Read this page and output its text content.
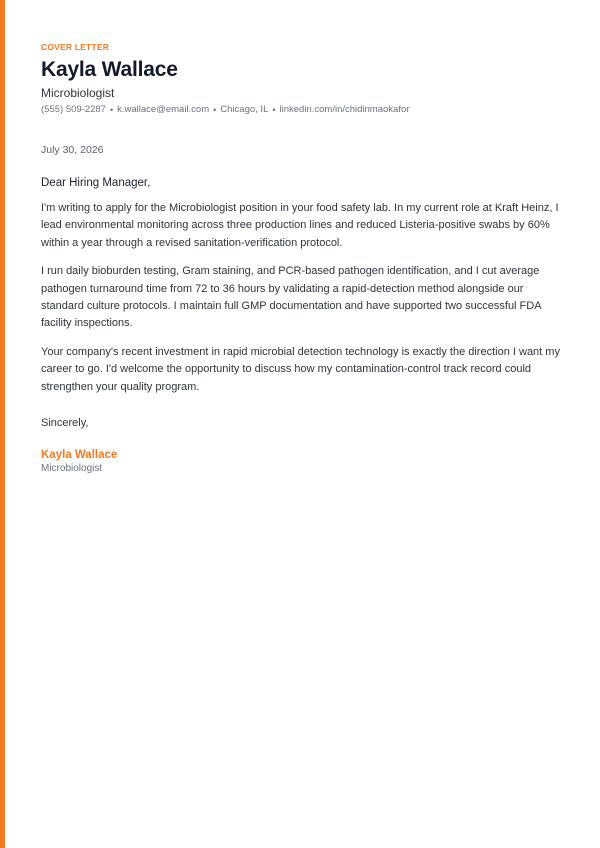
COVER LETTER
Kayla Wallace
Microbiologist
(555) 509-2287 • k.wallace@email.com • Chicago, IL • linkedin.com/in/chidinmaokafor
July 30, 2026
Dear Hiring Manager,

I'm writing to apply for the Microbiologist position in your food safety lab. In my current role at Kraft Heinz, I lead environmental monitoring across three production lines and reduced Listeria-positive swabs by 60% within a year through a revised sanitation-verification protocol.

I run daily bioburden testing, Gram staining, and PCR-based pathogen identification, and I cut average pathogen turnaround time from 72 to 36 hours by validating a rapid-detection method alongside our standard culture protocols. I maintain full GMP documentation and have supported two successful FDA facility inspections.

Your company's recent investment in rapid microbial detection technology is exactly the direction I want my career to go. I'd welcome the opportunity to discuss how my contamination-control track record could strengthen your quality program.

Sincerely,
Kayla Wallace
Microbiologist
